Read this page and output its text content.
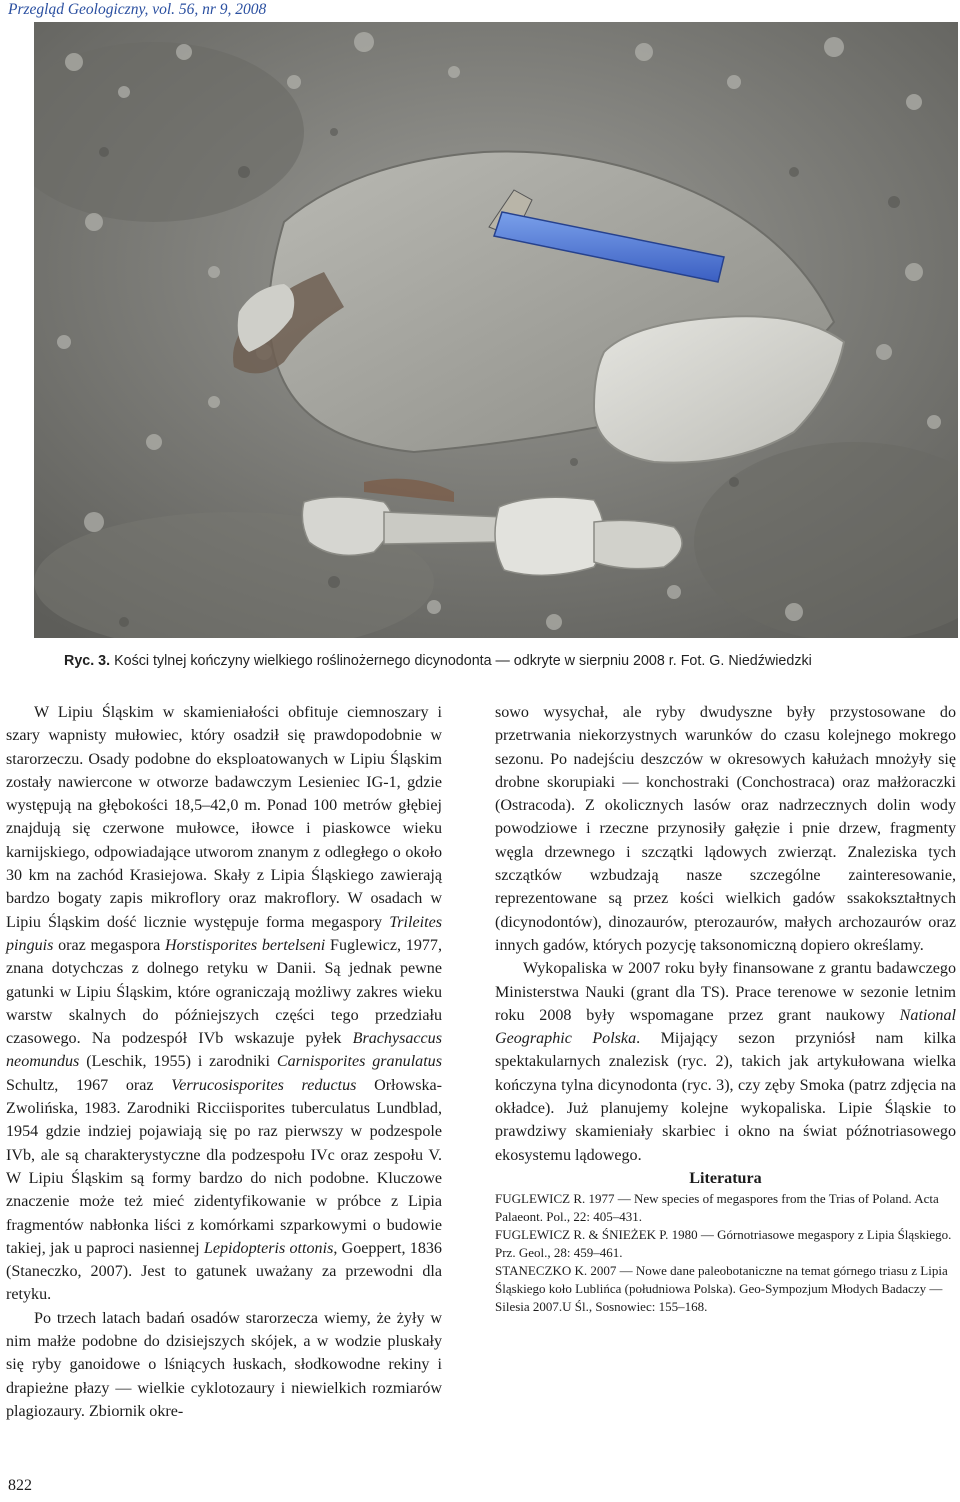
Przegląd Geologiczny, vol. 56, nr 9, 2008
Ryc. 3. Kości tylnej kończyny wielkiego roślinożernego dicynodonta — odkryte w sierpniu 2008 r. Fot. G. Niedźwiedzki

W Lipiu Śląskim w skamieniałości obfituje ciemnoszary i szary wapnisty mułowiec, który osadził się prawdopodobnie w starorzeczu. Osady podobne do eksploatowanych w Lipiu Śląskim zostały nawiercone w otworze badawczym Lesieniec IG-1, gdzie występują na głębokości 18,5–42,0 m. Ponad 100 metrów głębiej znajdują się czerwone mułowce, iłowce i piaskowce wieku karnijskiego, odpowiadające utworom znanym z odległego o około 30 km na zachód Krasiejowa. Skały z Lipia Śląskiego zawierają bardzo bogaty zapis mikroflory oraz makroflory. W osadach w Lipiu Śląskim dość licznie występuje forma megaspory Trileites pinguis oraz megaspora Horstisporites bertelseni Fuglewicz, 1977, znana dotychczas z dolnego retyku w Danii. Są jednak pewne gatunki w Lipiu Śląskim, które ograniczają możliwy zakres wieku warstw skalnych do późniejszych części tego przedziału czasowego. Na podzespół IVb wskazuje pyłek Brachysaccus neomundus (Leschik, 1955) i zarodniki Carnisporites granulatus Schultz, 1967 oraz Verrucosisporites reductus Orłowska-Zwolińska, 1983. Zarodniki Ricciisporites tuberculatus Lundblad, 1954 gdzie indziej pojawiają się po raz pierwszy w podzespole IVb, ale są charakterystyczne dla podzespołu IVc oraz zespołu V. W Lipiu Śląskim są formy bardzo do nich podobne. Kluczowe znaczenie może też mieć zidentyfikowanie w próbce z Lipia fragmentów nabłonka liści z komórkami szparkowymi o budowie takiej, jak u paproci nasiennej Lepidopteris ottonis, Goeppert, 1836 (Staneczko, 2007). Jest to gatunek uważany za przewodni dla retyku.

Po trzech latach badań osadów starorzecza wiemy, że żyły w nim małże podobne do dzisiejszych skójek, a w wodzie pluskały się ryby ganoidowe o lśniących łuskach, słodkowodne rekiny i drapieżne płazy — wielkie cyklotozaury i niewielkich rozmiarów plagiozaury. Zbiornik okre-

sowo wysychał, ale ryby dwudyszne były przystosowane do przetrwania niekorzystnych warunków do czasu kolejnego mokrego sezonu. Po nadejściu deszczów w okresowych kałużach mnożyły się drobne skorupiaki — konchostraki (Conchostraca) oraz małżoraczki (Ostracoda). Z okolicznych lasów oraz nadrzecznych dolin wody powodziowe i rzeczne przynosiły gałęzie i pnie drzew, fragmenty węgla drzewnego i szczątki lądowych zwierząt. Znaleziska tych szczątków wzbudzają nasze szczególne zainteresowanie, reprezentowane są przez kości wielkich gadów ssakokształtnych (dicynodontów), dinozaurów, pterozaurów, małych archozaurów oraz innych gadów, których pozycję taksonomiczną dopiero określamy.

Wykopaliska w 2007 roku były finansowane z grantu badawczego Ministerstwa Nauki (grant dla TS). Prace terenowe w sezonie letnim roku 2008 były wspomagane przez grant naukowy National Geographic Polska. Mijający sezon przyniósł nam kilka spektakularnych znalezisk (ryc. 2), takich jak artykułowana wielka kończyna tylna dicynodonta (ryc. 3), czy zęby Smoka (patrz zdjęcia na okładce). Już planujemy kolejne wykopaliska. Lipie Śląskie to prawdziwy skamieniały skarbiec i okno na świat późnotriasowego ekosystemu lądowego.

Literatura

FUGLEWICZ R. 1977 — New species of megaspores from the Trias of Poland. Acta Palaeont. Pol., 22: 405–431.

FUGLEWICZ R. & ŚNIEŻEK P. 1980 — Górnotriasowe megaspory z Lipia Śląskiego. Prz. Geol., 28: 459–461.

STANECZKO K. 2007 — Nowe dane paleobotaniczne na temat górnego triasu z Lipia Śląskiego koło Lublińca (południowa Polska). Geo-Sympozjum Młodych Badaczy — Silesia 2007.U Śl., Sosnowiec: 155–168.

822
